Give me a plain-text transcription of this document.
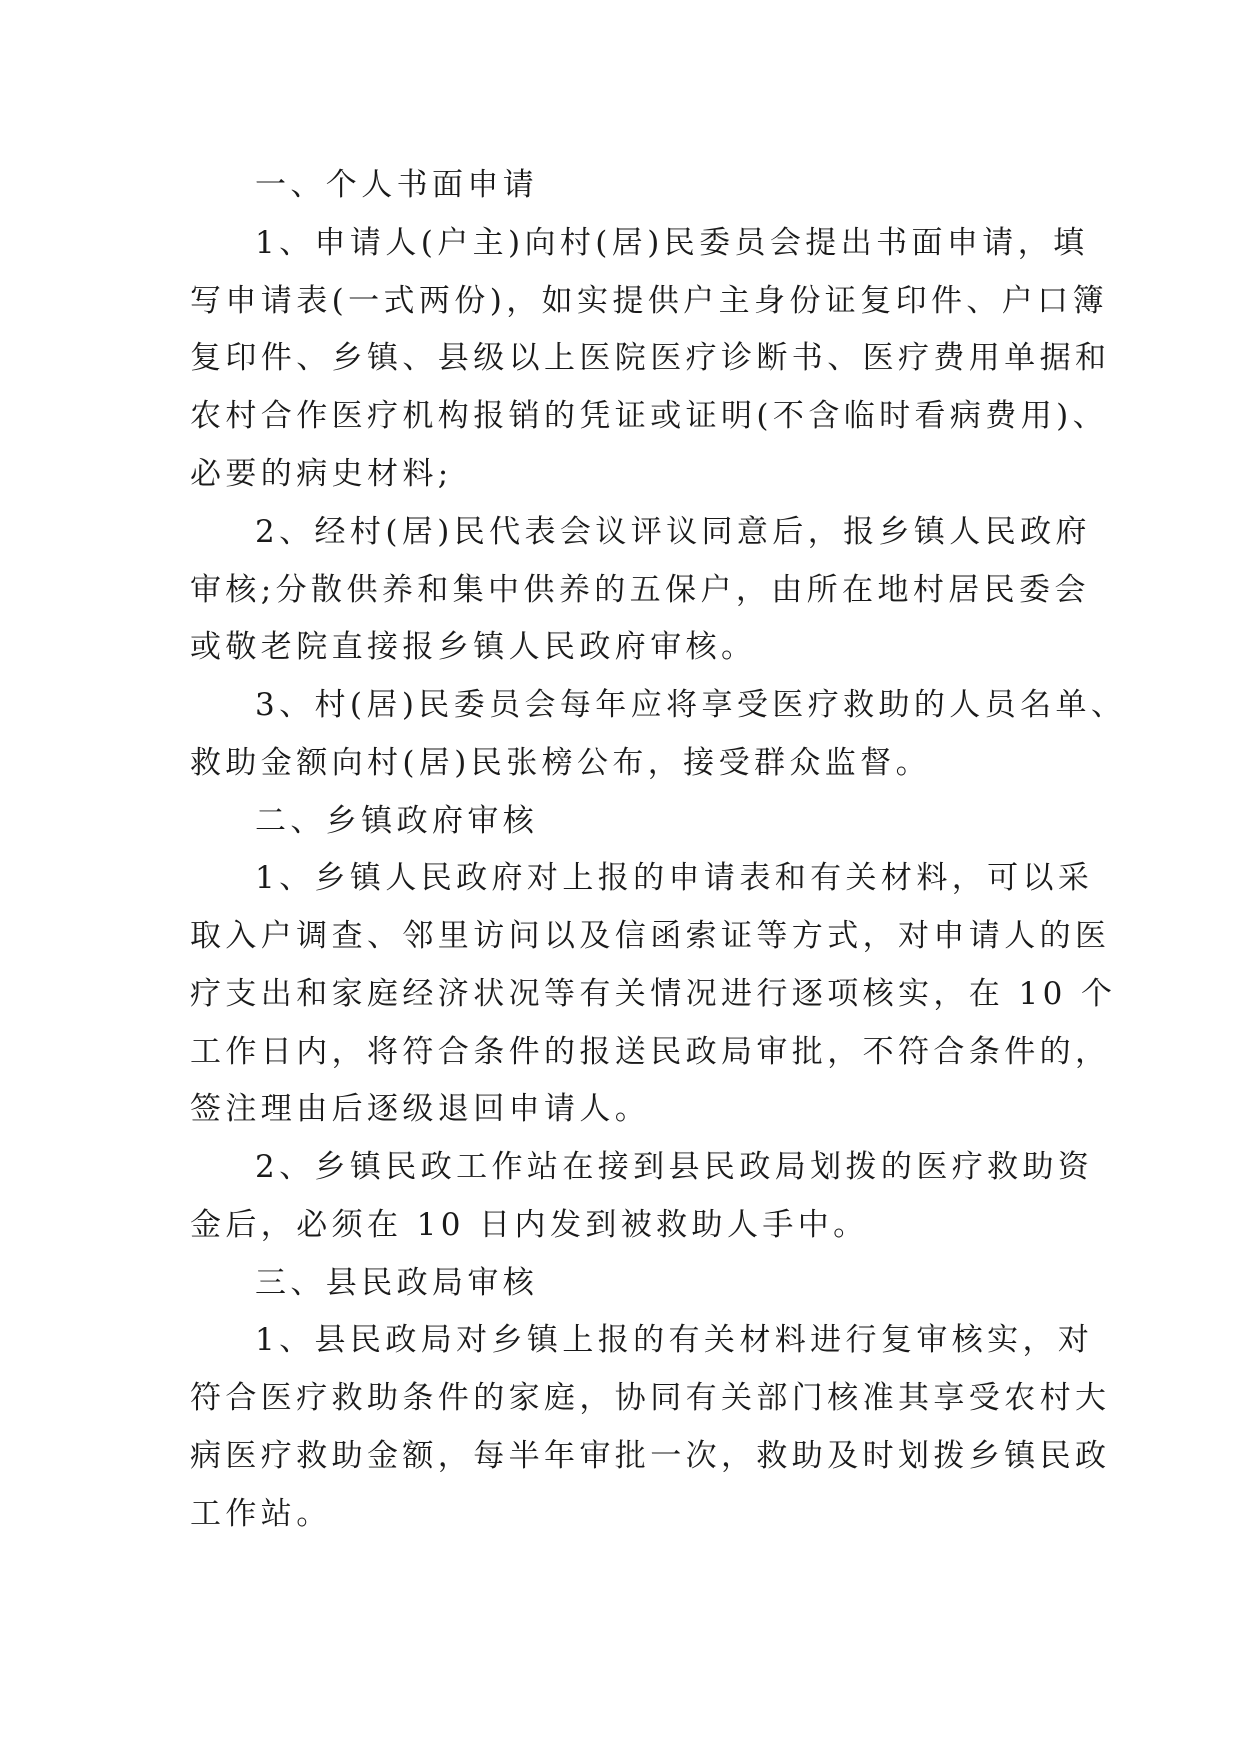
一、个人书面申请
1、申请人(户主)向村(居)民委员会提出书面申请，填
写申请表(一式两份)，如实提供户主身份证复印件、户口簿
复印件、乡镇、县级以上医院医疗诊断书、医疗费用单据和
农村合作医疗机构报销的凭证或证明(不含临时看病费用)、
必要的病史材料;
2、经村(居)民代表会议评议同意后，报乡镇人民政府
审核;分散供养和集中供养的五保户，由所在地村居民委会
或敬老院直接报乡镇人民政府审核。
3、村(居)民委员会每年应将享受医疗救助的人员名单、
救助金额向村(居)民张榜公布，接受群众监督。
二、乡镇政府审核
1、乡镇人民政府对上报的申请表和有关材料，可以采
取入户调查、邻里访问以及信函索证等方式，对申请人的医
疗支出和家庭经济状况等有关情况进行逐项核实，在 10 个
工作日内，将符合条件的报送民政局审批，不符合条件的，
签注理由后逐级退回申请人。
2、乡镇民政工作站在接到县民政局划拨的医疗救助资
金后，必须在 10 日内发到被救助人手中。
三、县民政局审核
1、县民政局对乡镇上报的有关材料进行复审核实，对
符合医疗救助条件的家庭，协同有关部门核准其享受农村大
病医疗救助金额，每半年审批一次，救助及时划拨乡镇民政
工作站。
